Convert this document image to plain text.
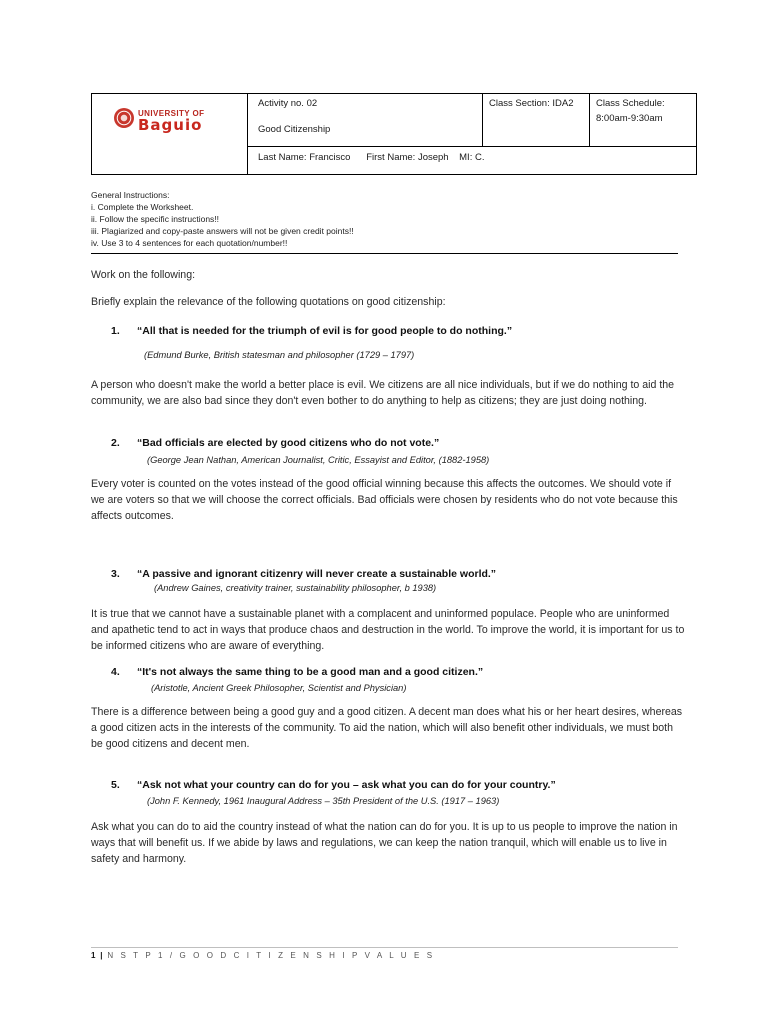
UNIVERSITY OF
Baguio
Activity no. 02
Good Citizenship
Class Section: IDA2 Class Schedule:
8:00am-9:30am
Last Name: Francisco      First Name: Joseph    MI: C.
General Instructions:
i. Complete the Worksheet.
ii. Follow the specific instructions!!
iii. Plagiarized and copy-paste answers will not be given credit points!!
iv. Use 3 to 4 sentences for each quotation/number!!
Work on the following:
Briefly explain the relevance of the following quotations on good citizenship:
1. “All that is needed for the triumph of evil is for good people to do nothing.”
(Edmund Burke, British statesman and philosopher (1729 – 1797)
A person who doesn't make the world a better place is evil. We citizens are all nice individuals, but if we do nothing to aid the community, we are also bad since they don't even bother to do anything to help as citizens; they are just doing nothing.
2. “Bad officials are elected by good citizens who do not vote.”
(George Jean Nathan, American Journalist, Critic, Essayist and Editor, (1882-1958)
Every voter is counted on the votes instead of the good official winning because this affects the outcomes. We should vote if we are voters so that we will choose the correct officials. Bad officials were chosen by residents who do not vote because this affects outcomes.
3. “A passive and ignorant citizenry will never create a sustainable world.”
(Andrew Gaines, creativity trainer, sustainability philosopher, b 1938)
It is true that we cannot have a sustainable planet with a complacent and uninformed populace. People who are uninformed and apathetic tend to act in ways that produce chaos and destruction in the world. To improve the world, it is important for us to be informed citizens who are aware of everything.
4. “It's not always the same thing to be a good man and a good citizen.”
(Aristotle, Ancient Greek Philosopher, Scientist and Physician)
There is a difference between being a good guy and a good citizen. A decent man does what his or her heart desires, whereas a good citizen acts in the interests of the community. To aid the nation, which will also benefit other individuals, we must both be good citizens and decent men.
5. “Ask not what your country can do for you – ask what you can do for your country.”
(John F. Kennedy, 1961 Inaugural Address – 35th President of the U.S. (1917 – 1963)
Ask what you can do to aid the country instead of what the nation can do for you. It is up to us people to improve the nation in ways that will benefit us. If we abide by laws and regulations, we can keep the nation tranquil, which will enable us to live in safety and harmony.
1 | N S T P 1 / G O O D C I T I Z E N S H I P V A L U E S
